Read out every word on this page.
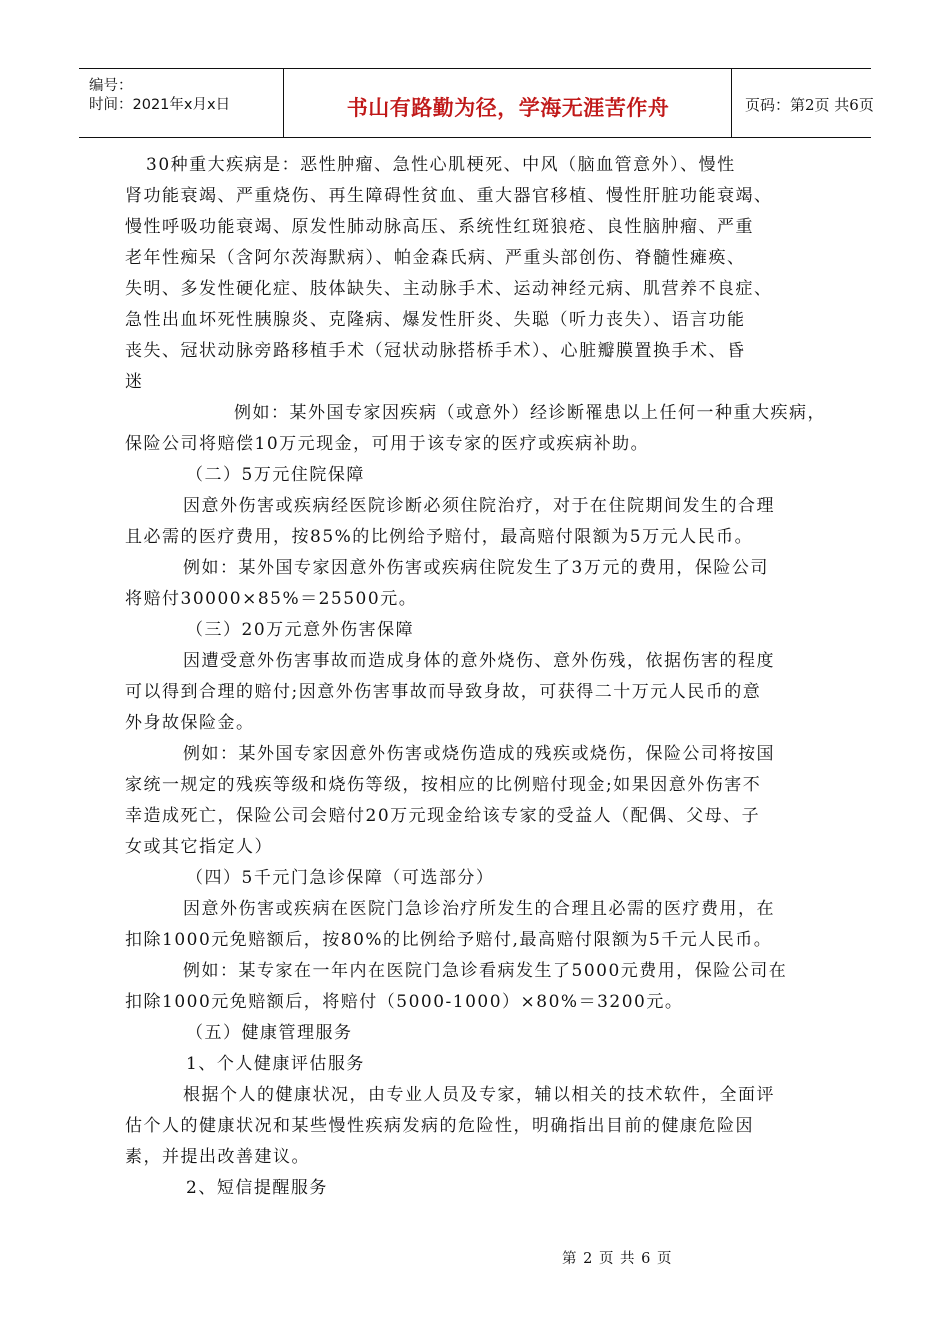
编号：
时间：2021年x月x日	书山有路勤为径，学海无涯苦作舟	页码：第2页 共6页
30种重大疾病是：恶性肿瘤、急性心肌梗死、中风（脑血管意外）、慢性
肾功能衰竭、严重烧伤、再生障碍性贫血、重大器官移植、慢性肝脏功能衰竭、
慢性呼吸功能衰竭、原发性肺动脉高压、系统性红斑狼疮、良性脑肿瘤、严重
老年性痴呆（含阿尔茨海默病）、帕金森氏病、严重头部创伤、脊髓性瘫痪、
失明、多发性硬化症、肢体缺失、主动脉手术、运动神经元病、肌营养不良症、
急性出血坏死性胰腺炎、克隆病、爆发性肝炎、失聪（听力丧失）、语言功能
丧失、冠状动脉旁路移植手术（冠状动脉搭桥手术）、心脏瓣膜置换手术、昏
迷
例如：某外国专家因疾病（或意外）经诊断罹患以上任何一种重大疾病，
保险公司将赔偿10万元现金，可用于该专家的医疗或疾病补助。
（二）5万元住院保障
因意外伤害或疾病经医院诊断必须住院治疗，对于在住院期间发生的合理
且必需的医疗费用，按85%的比例给予赔付，最高赔付限额为5万元人民币。
例如：某外国专家因意外伤害或疾病住院发生了3万元的费用，保险公司
将赔付30000×85%＝25500元。
（三）20万元意外伤害保障
因遭受意外伤害事故而造成身体的意外烧伤、意外伤残，依据伤害的程度
可以得到合理的赔付;因意外伤害事故而导致身故，可获得二十万元人民币的意
外身故保险金。
例如：某外国专家因意外伤害或烧伤造成的残疾或烧伤，保险公司将按国
家统一规定的残疾等级和烧伤等级，按相应的比例赔付现金;如果因意外伤害不
幸造成死亡，保险公司会赔付20万元现金给该专家的受益人（配偶、父母、子
女或其它指定人）
（四）5千元门急诊保障（可选部分）
因意外伤害或疾病在医院门急诊治疗所发生的合理且必需的医疗费用，在
扣除1000元免赔额后，按80%的比例给予赔付,最高赔付限额为5千元人民币。
例如：某专家在一年内在医院门急诊看病发生了5000元费用，保险公司在
扣除1000元免赔额后，将赔付（5000-1000）×80%＝3200元。
（五）健康管理服务
1、个人健康评估服务
根据个人的健康状况，由专业人员及专家，辅以相关的技术软件，全面评
估个人的健康状况和某些慢性疾病发病的危险性，明确指出目前的健康危险因
素，并提出改善建议。
2、短信提醒服务
第 2 页 共 6 页
